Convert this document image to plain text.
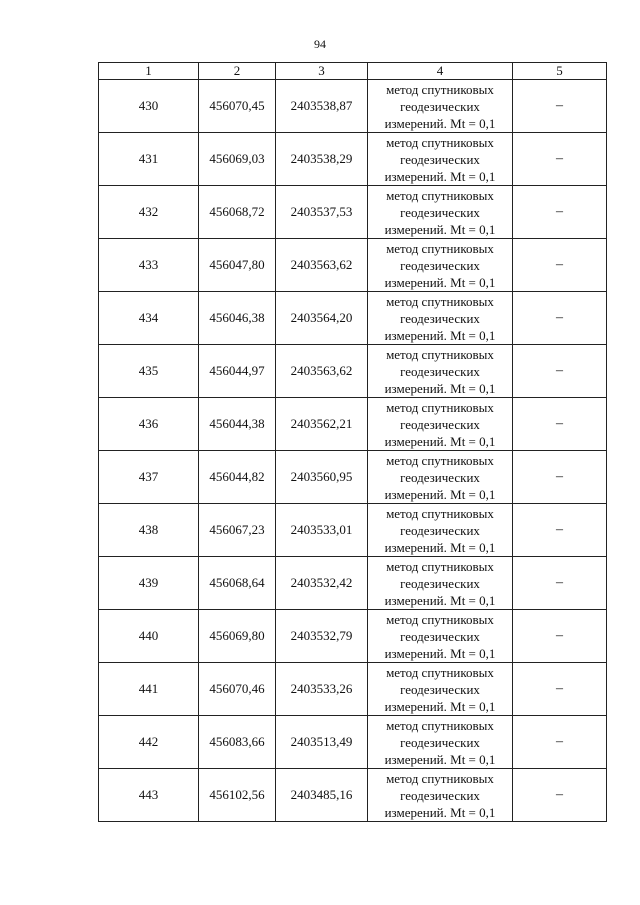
94
1	2	3	4	5
430	456070,45	2403538,87	метод спутниковых
геодезических
измерений. Mt = 0,1	–
431	456069,03	2403538,29	метод спутниковых
геодезических
измерений. Mt = 0,1	–
432	456068,72	2403537,53	метод спутниковых
геодезических
измерений. Mt = 0,1	–
433	456047,80	2403563,62	метод спутниковых
геодезических
измерений. Mt = 0,1	–
434	456046,38	2403564,20	метод спутниковых
геодезических
измерений. Mt = 0,1	–
435	456044,97	2403563,62	метод спутниковых
геодезических
измерений. Mt = 0,1	–
436	456044,38	2403562,21	метод спутниковых
геодезических
измерений. Mt = 0,1	–
437	456044,82	2403560,95	метод спутниковых
геодезических
измерений. Mt = 0,1	–
438	456067,23	2403533,01	метод спутниковых
геодезических
измерений. Mt = 0,1	–
439	456068,64	2403532,42	метод спутниковых
геодезических
измерений. Mt = 0,1	–
440	456069,80	2403532,79	метод спутниковых
геодезических
измерений. Mt = 0,1	–
441	456070,46	2403533,26	метод спутниковых
геодезических
измерений. Mt = 0,1	–
442	456083,66	2403513,49	метод спутниковых
геодезических
измерений. Mt = 0,1	–
443	456102,56	2403485,16	метод спутниковых
геодезических
измерений. Mt = 0,1	–
